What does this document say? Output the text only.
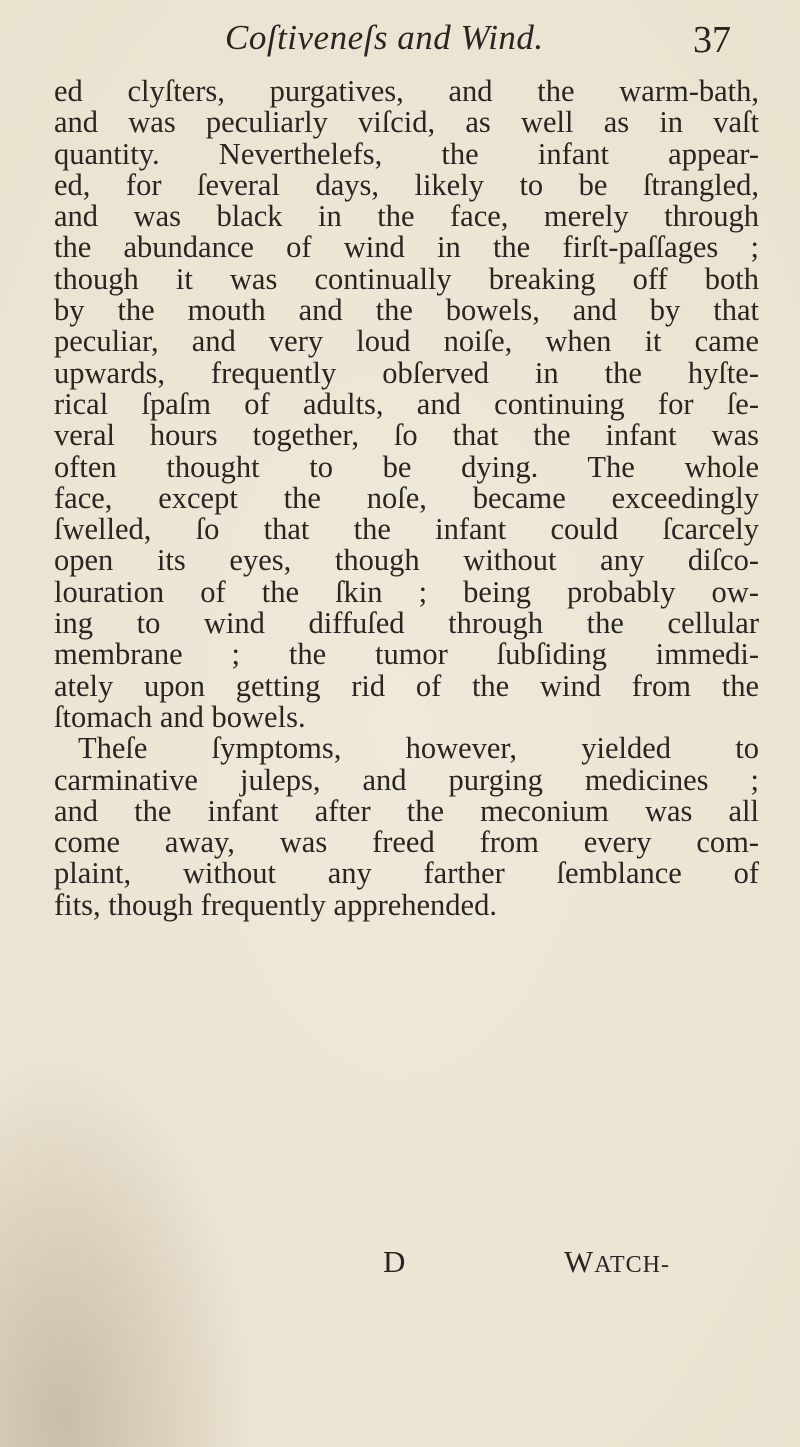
Coſtiveneſs and Wind.	37
ed clyſters, purgatives, and the warm-bath,
and was peculiarly viſcid, as well as in vaſt
quantity. Neverthelefs, the infant appear-
ed, for ſeveral days, likely to be ſtrangled,
and was black in the face, merely through
the abundance of wind in the firſt-paſſages ;
though it was continually breaking off both
by the mouth and the bowels, and by that
peculiar, and very loud noiſe, when it came
upwards, frequently obſerved in the hyſte-
rical ſpaſm of adults, and continuing for ſe-
veral hours together, ſo that the infant was
often thought to be dying. The whole
face, except the noſe, became exceedingly
ſwelled, ſo that the infant could ſcarcely
open its eyes, though without any diſco-
louration of the ſkin ; being probably ow-
ing to wind diffuſed through the cellular
membrane ; the tumor ſubſiding immedi-
ately upon getting rid of the wind from the
ſtomach and bowels.
Theſe ſymptoms, however, yielded to
carminative juleps, and purging medicines ;
and the infant after the meconium was all
come away, was freed from every com-
plaint, without any farther ſemblance of
fits, though frequently apprehended.
D	WATCH-
